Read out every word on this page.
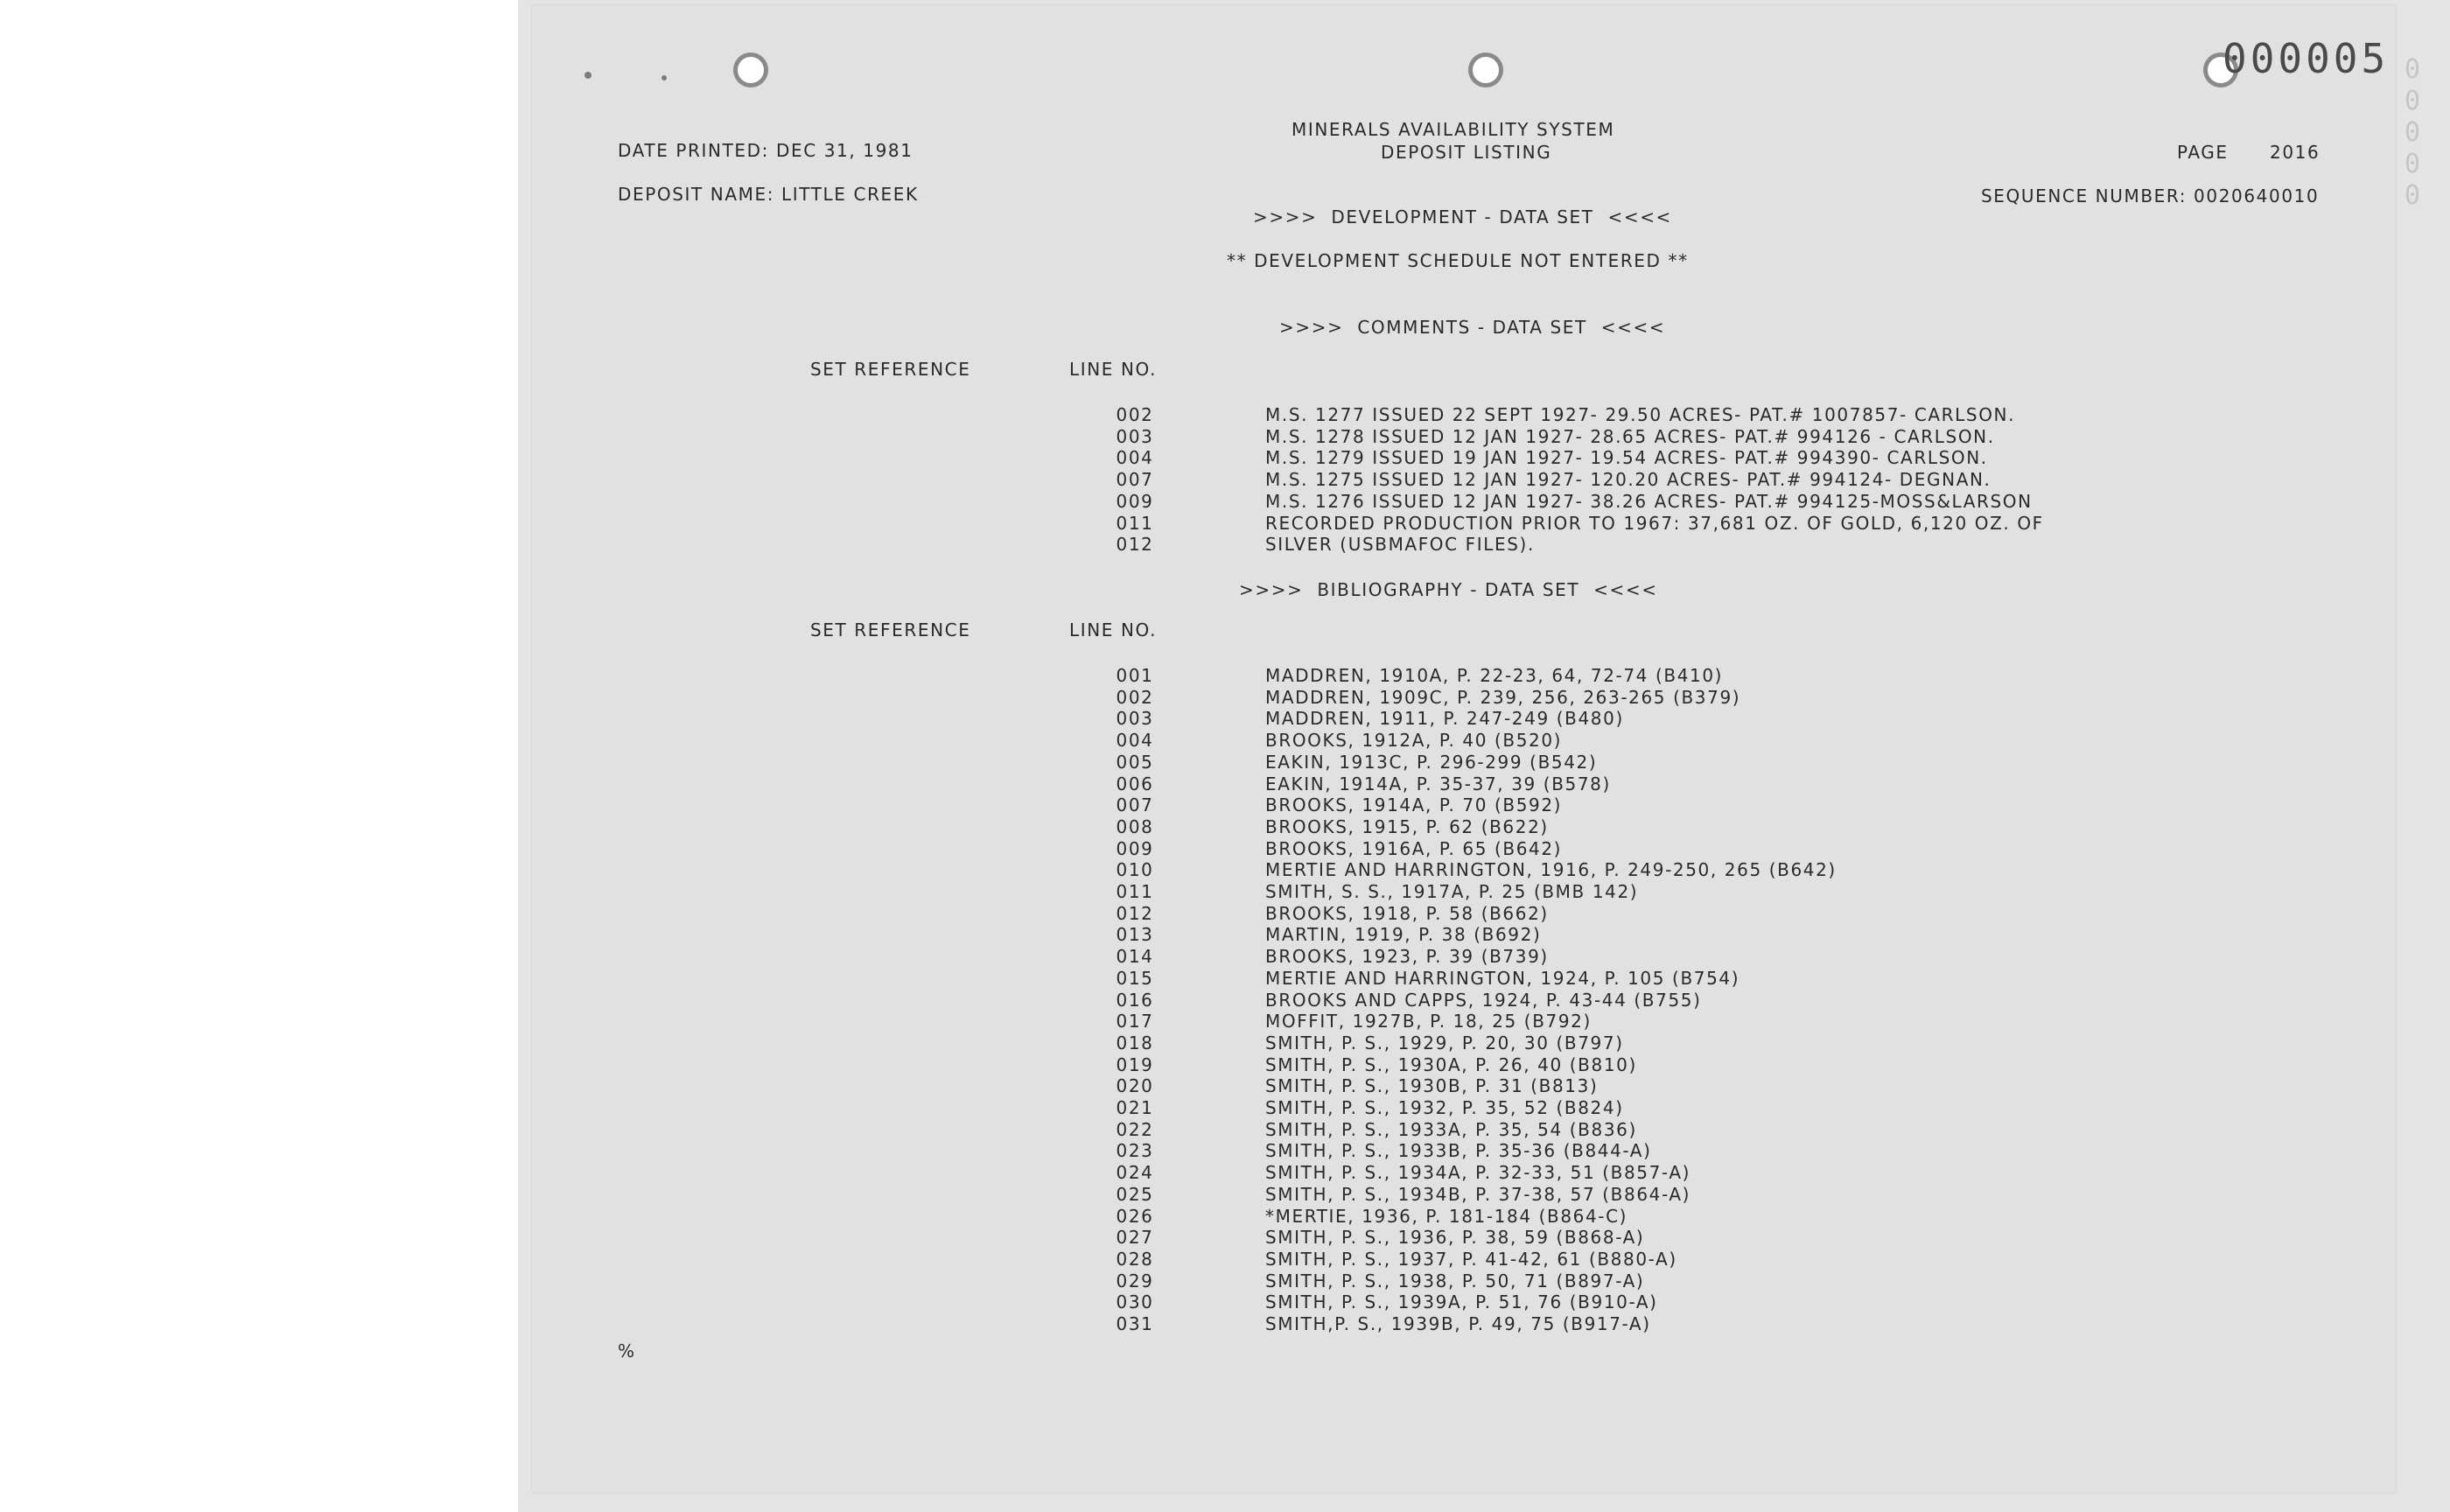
000005
00000
MINERALS AVAILABILITY SYSTEM
DEPOSIT LISTING
DATE PRINTED: DEC 31, 1981	PAGE 2016
DEPOSIT NAME: LITTLE CREEK	SEQUENCE NUMBER: 0020640010
>>>>  DEVELOPMENT - DATA SET  <<<<
** DEVELOPMENT SCHEDULE NOT ENTERED **
>>>>  COMMENTS - DATA SET  <<<<
SET REFERENCE	LINE NO.
002	M.S. 1277 ISSUED 22 SEPT 1927- 29.50 ACRES- PAT.# 1007857- CARLSON.
003	M.S. 1278 ISSUED 12 JAN 1927- 28.65 ACRES- PAT.# 994126 - CARLSON.
004	M.S. 1279 ISSUED 19 JAN 1927- 19.54 ACRES- PAT.# 994390- CARLSON.
007	M.S. 1275 ISSUED 12 JAN 1927- 120.20 ACRES- PAT.# 994124- DEGNAN.
009	M.S. 1276 ISSUED 12 JAN 1927- 38.26 ACRES- PAT.# 994125-MOSS&LARSON
011	RECORDED PRODUCTION PRIOR TO 1967: 37,681 OZ. OF GOLD, 6,120 OZ. OF
012	SILVER (USBMAFOC FILES).
>>>>  BIBLIOGRAPHY - DATA SET  <<<<
SET REFERENCE	LINE NO.
001	MADDREN, 1910A, P. 22-23, 64, 72-74 (B410)
002	MADDREN, 1909C, P. 239, 256, 263-265 (B379)
003	MADDREN, 1911, P. 247-249 (B480)
004	BROOKS, 1912A, P. 40 (B520)
005	EAKIN, 1913C, P. 296-299 (B542)
006	EAKIN, 1914A, P. 35-37, 39 (B578)
007	BROOKS, 1914A, P. 70 (B592)
008	BROOKS, 1915, P. 62 (B622)
009	BROOKS, 1916A, P. 65 (B642)
010	MERTIE AND HARRINGTON, 1916, P. 249-250, 265 (B642)
011	SMITH, S. S., 1917A, P. 25 (BMB 142)
012	BROOKS, 1918, P. 58 (B662)
013	MARTIN, 1919, P. 38 (B692)
014	BROOKS, 1923, P. 39 (B739)
015	MERTIE AND HARRINGTON, 1924, P. 105 (B754)
016	BROOKS AND CAPPS, 1924, P. 43-44 (B755)
017	MOFFIT, 1927B, P. 18, 25 (B792)
018	SMITH, P. S., 1929, P. 20, 30 (B797)
019	SMITH, P. S., 1930A, P. 26, 40 (B810)
020	SMITH, P. S., 1930B, P. 31 (B813)
021	SMITH, P. S., 1932, P. 35, 52 (B824)
022	SMITH, P. S., 1933A, P. 35, 54 (B836)
023	SMITH, P. S., 1933B, P. 35-36 (B844-A)
024	SMITH, P. S., 1934A, P. 32-33, 51 (B857-A)
025	SMITH, P. S., 1934B, P. 37-38, 57 (B864-A)
026	*MERTIE, 1936, P. 181-184 (B864-C)
027	SMITH, P. S., 1936, P. 38, 59 (B868-A)
028	SMITH, P. S., 1937, P. 41-42, 61 (B880-A)
029	SMITH, P. S., 1938, P. 50, 71 (B897-A)
030	SMITH, P. S., 1939A, P. 51, 76 (B910-A)
031	SMITH,P. S., 1939B, P. 49, 75 (B917-A)
%
